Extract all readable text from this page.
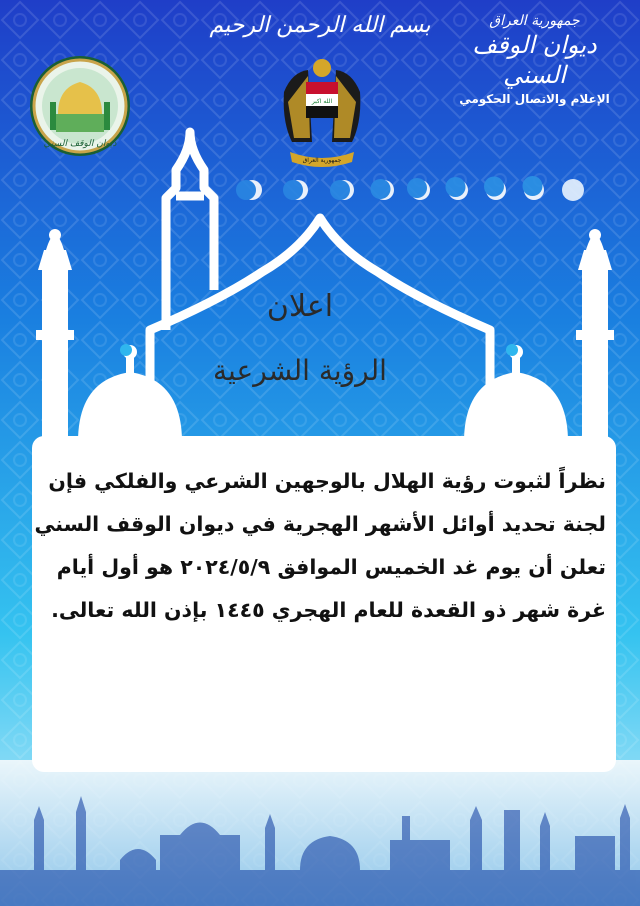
الله اكبر
جمهورية العراق
ديوان الوقف السني
بسم الله الرحمن الرحيم	جمهورية العراق
ديوان الوقف السني
الإعلام والاتصال الحكومي
اعلان
الرؤية الشرعية
نظراً لثبوت رؤية الهلال بالوجهين الشرعي والفلكي فإن
لجنة تحديد أوائل الأشهر الهجرية في ديوان الوقف السني
تعلن أن يوم غد الخميس الموافق ٢٠٢٤/٥/٩ هو أول أيام
غرة شهر ذو القعدة للعام الهجري ١٤٤٥ بإذن الله تعالى.
